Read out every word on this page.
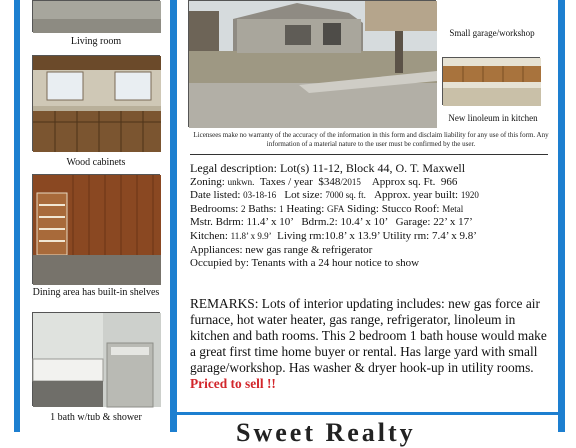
Living room
Wood cabinets
Dining area has built-in shelves
1 bath w/tub & shower
Small garage/workshop
New linoleum in kitchen
Licensees make no warranty of the accuracy of the information in this form and disclaim liability for any use of this form. Any information of a material nature to the user must be confirmed by the user.
Legal description: Lot(s) 11-12, Block 44, O. T. Maxwell
Zoning: unkwn. Taxes / year $348/2015 Approx sq. Ft. 966
Date listed: 03-18-16 Lot size: 7000 sq. ft. Approx. year built: 1920
Bedrooms: 2 Baths: 1 Heating: GFA Siding: Stucco Roof: Metal
Mstr. Bdrm: 11.4’ x 10’ Bdrm.2: 10.4’ x 10’ Garage: 22’ x 17’
Kitchen: 11.8’ x 9.9’ Living rm:10.8’ x 13.9’ Utility rm: 7.4’ x 9.8’
Appliances: new gas range & refrigerator
Occupied by: Tenants with a 24 hour notice to show
REMARKS: Lots of interior updating includes: new gas force air furnace, hot water heater, gas range, refrigerator, linoleum in kitchen and bath rooms. This 2 bedroom 1 bath house would make a great first time home buyer or rental. Has large yard with small garage/workshop. Has washer & dryer hook-up in utility rooms. Priced to sell !!
Sweet Realty
